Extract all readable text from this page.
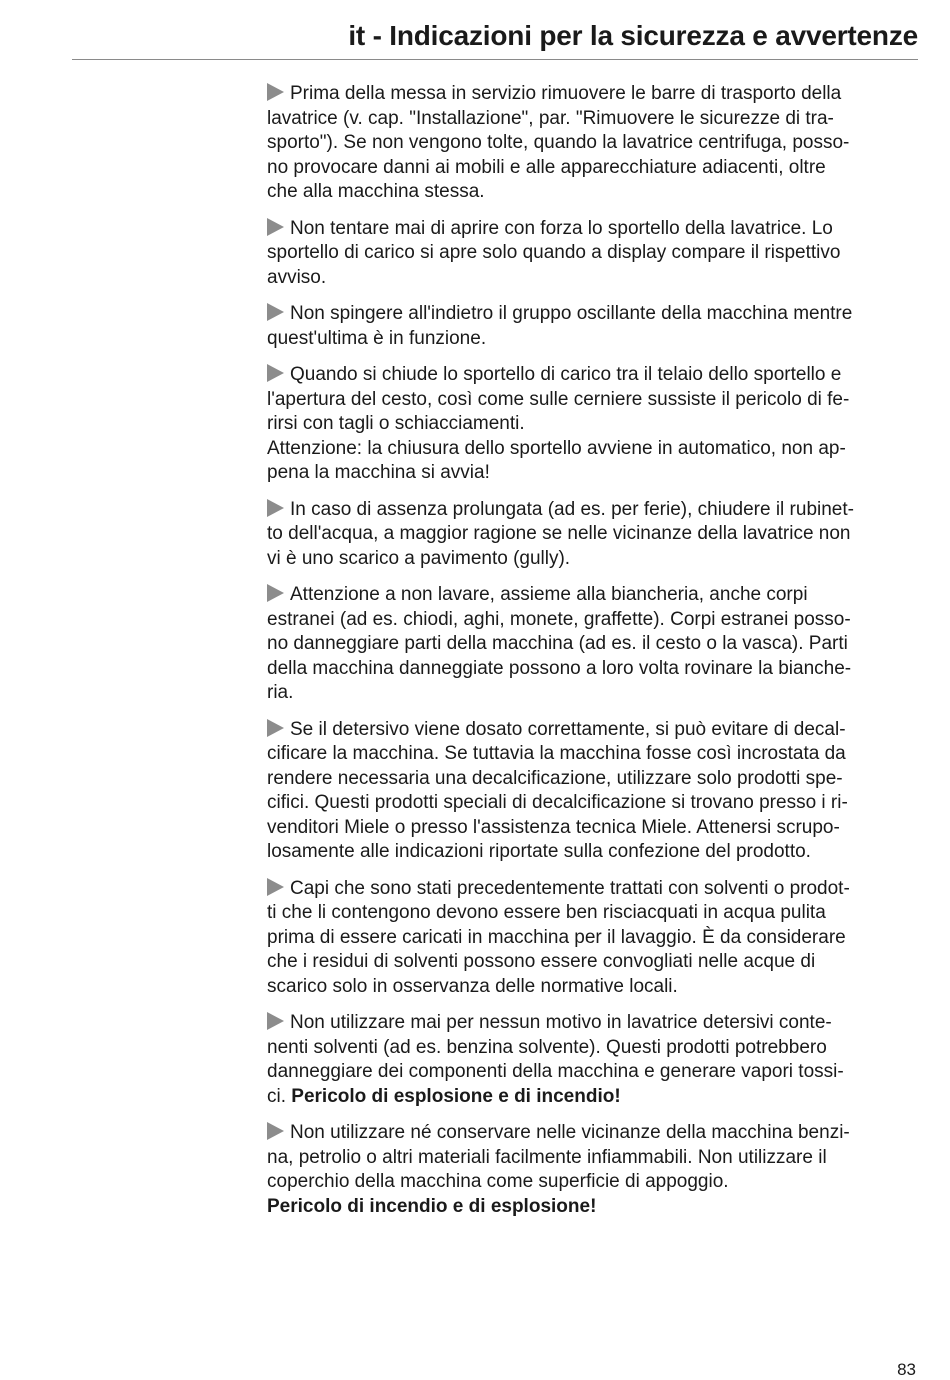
it - Indicazioni per la sicurezza e avvertenze
Prima della messa in servizio rimuovere le barre di trasporto della
lavatrice (v. cap. "Installazione", par. "Rimuovere le sicurezze di tra-
sporto"). Se non vengono tolte, quando la lavatrice centrifuga, posso-
no provocare danni ai mobili e alle apparecchiature adiacenti, oltre
che alla macchina stessa.
Non tentare mai di aprire con forza lo sportello della lavatrice. Lo
sportello di carico si apre solo quando a display compare il rispettivo
avviso.
Non spingere all'indietro il gruppo oscillante della macchina mentre
quest'ultima è in funzione.
Quando si chiude lo sportello di carico tra il telaio dello sportello e
l'apertura del cesto, così come sulle cerniere sussiste il pericolo di fe-
rirsi con tagli o schiacciamenti.
Attenzione: la chiusura dello sportello avviene in automatico, non ap-
pena la macchina si avvia!
In caso di assenza prolungata (ad es. per ferie), chiudere il rubinet-
to dell'acqua, a maggior ragione se nelle vicinanze della lavatrice non
vi è uno scarico a pavimento (gully).
Attenzione a non lavare, assieme alla biancheria, anche corpi
estranei (ad es. chiodi, aghi, monete, graffette). Corpi estranei posso-
no danneggiare parti della macchina (ad es. il cesto o la vasca). Parti
della macchina danneggiate possono a loro volta rovinare la bianche-
ria.
Se il detersivo viene dosato correttamente, si può evitare di decal-
cificare la macchina. Se tuttavia la macchina fosse così incrostata da
rendere necessaria una decalcificazione, utilizzare solo prodotti spe-
cifici. Questi prodotti speciali di decalcificazione si trovano presso i ri-
venditori Miele o presso l'assistenza tecnica Miele. Attenersi scrupo-
losamente alle indicazioni riportate sulla confezione del prodotto.
Capi che sono stati precedentemente trattati con solventi o prodot-
ti che li contengono devono essere ben risciacquati in acqua pulita
prima di essere caricati in macchina per il lavaggio. È da considerare
che i residui di solventi possono essere convogliati nelle acque di
scarico solo in osservanza delle normative locali.
Non utilizzare mai per nessun motivo in lavatrice detersivi conte-
nenti solventi (ad es. benzina solvente). Questi prodotti potrebbero
danneggiare dei componenti della macchina e generare vapori tossi-
ci. Pericolo di esplosione e di incendio!
Non utilizzare né conservare nelle vicinanze della macchina benzi-
na, petrolio o altri materiali facilmente infiammabili. Non utilizzare il
coperchio della macchina come superficie di appoggio.
Pericolo di incendio e di esplosione!
83
